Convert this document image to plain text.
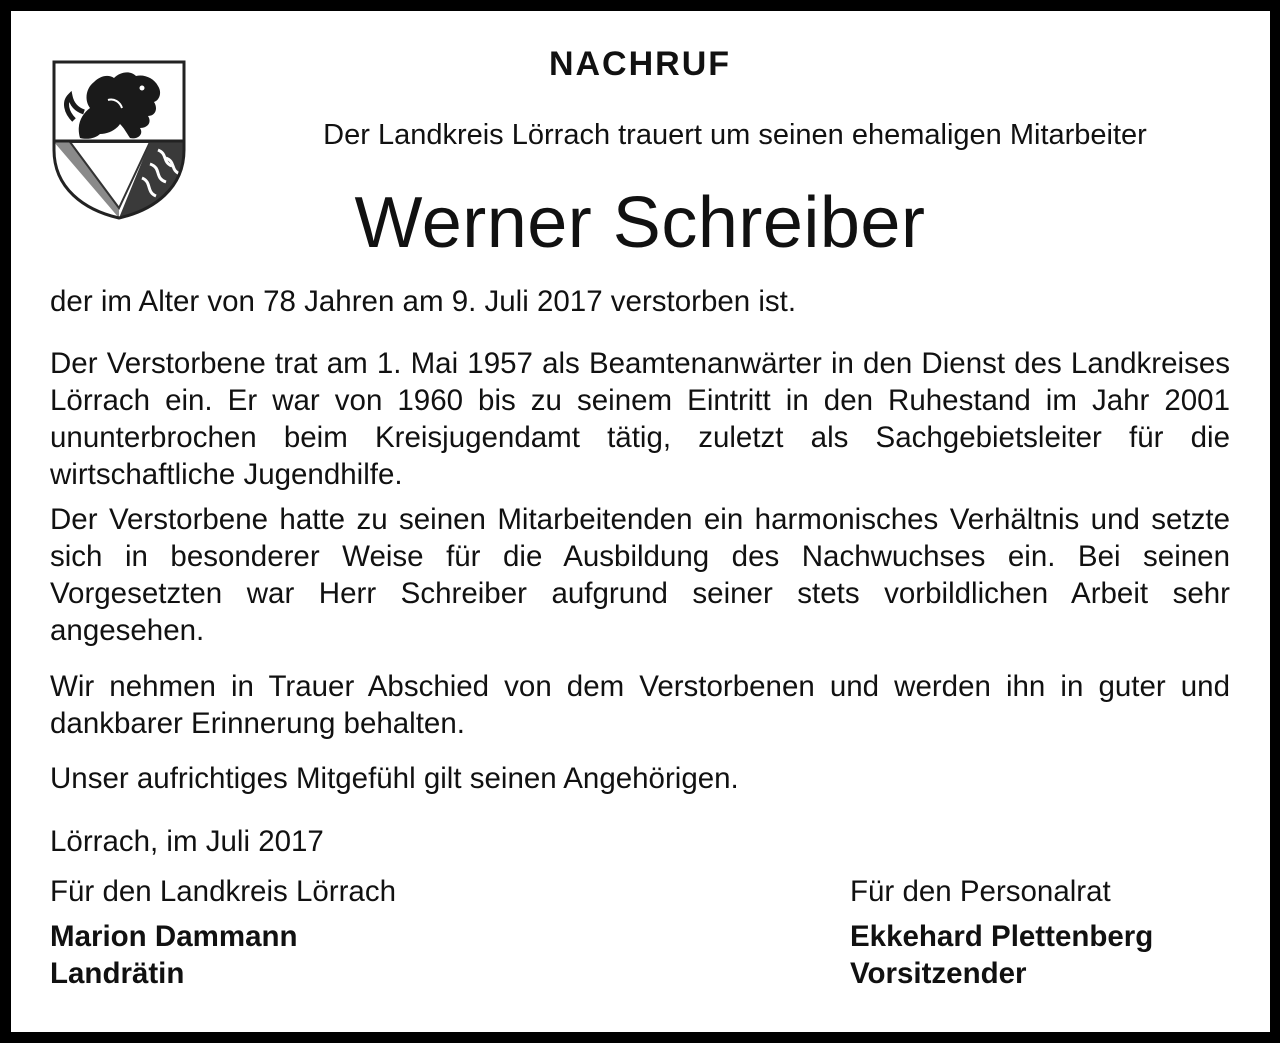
NACHRUF
Der Landkreis Lörrach trauert um seinen ehemaligen Mitarbeiter
Werner Schreiber
der im Alter von 78 Jahren am 9. Juli 2017 verstorben ist.
Der Verstorbene trat am 1. Mai 1957 als Beamtenanwärter in den Dienst des Landkreises Lörrach ein. Er war von 1960 bis zu seinem Eintritt in den Ruhestand im Jahr 2001 ununterbrochen beim Kreisjugendamt tätig, zuletzt als Sachgebietsleiter für die wirtschaftliche Jugendhilfe.
Der Verstorbene hatte zu seinen Mitarbeitenden ein harmonisches Verhältnis und setzte sich in besonderer Weise für die Ausbildung des Nachwuchses ein. Bei seinen Vorgesetzten war Herr Schreiber aufgrund seiner stets vorbildlichen Arbeit sehr angesehen.
Wir nehmen in Trauer Abschied von dem Verstorbenen und werden ihn in guter und dankbarer Erinnerung behalten.
Unser aufrichtiges Mitgefühl gilt seinen Angehörigen.
Lörrach, im Juli 2017
Für den Landkreis Lörrach
Marion Dammann
Landrätin
Für den Personalrat
Ekkehard Plettenberg
Vorsitzender
